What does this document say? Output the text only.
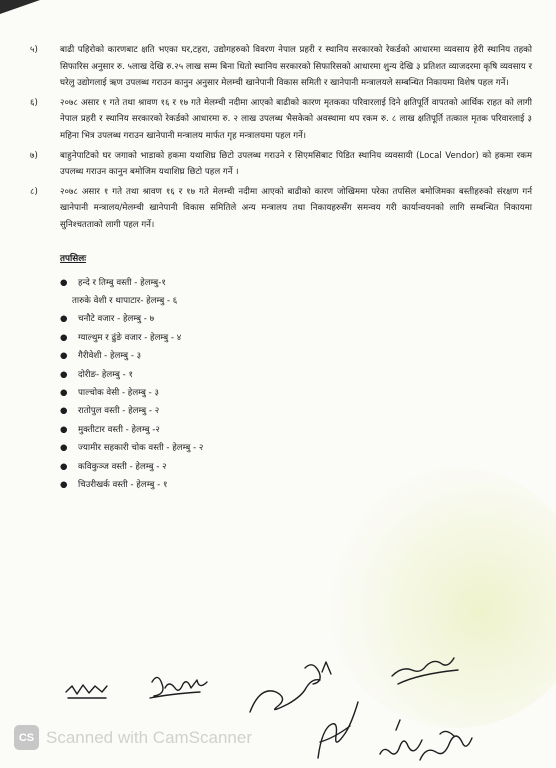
५)	बाढी पहिरोको कारणबाट क्षति भएका घर,टहरा, उद्योगहरुको विवरण नेपाल प्रहरी र स्थानिय सरकारको रेकर्डको आधारमा व्यवसाय हेरी स्थानिय तहको सिफारिस अनुसार रु. ५लाख देखि रु.२५ लाख सम्म बिना धितो स्थानिय सरकारको सिफारिसको आधारमा शुन्य देखि ३ प्रतिशत व्याजदरमा कृषि व्यवसाय र घरेलु उद्योगलाई ऋण उपलब्ध गराउन कानुन अनुसार मेलम्ची खानेपानी विकास समिती र खानेपानी मन्त्रालयले सम्बन्धित निकायमा विशेष पहल गर्ने।
६)	२०७८ असार १ गते तथा श्रावण १६ र १७ गते मेलम्ची नदीमा आएको बाढीको कारण मृतकका परिवारलाई दिने क्षतिपूर्ति वापतको आर्थिक राहत को लागी नेपाल प्रहरी र स्थानिय सरकारको रेकर्डको आधारमा रु. २ लाख उपलब्ध भैसकेको अवस्थामा थप रकम रु. ८ लाख क्षतिपूर्ति तत्काल मृतक परिवारलाई ३ महिना भित्र उपलब्ध गराउन खानेपानी मन्त्रालय मार्फत गृह मन्त्रालयमा पहल गर्ने।
७)	बाहुनेपाटिको घर जगाको भाडाको हकमा यथाशिघ्र छिटो उपलब्ध गराउने र सिएमसिबाट पिडित स्थानिय व्यवसायी (Local Vendor) को हकमा रकम उपलब्ध गराउन कानुन बमोजिम यथाशिघ्र छिटो पहल गर्ने ।
८)	२०७८ असार १ गते तथा श्रावण १६ र १७ गते मेलम्ची नदीमा आएको बाढीको कारण जोखिममा परेका तपसिल बमोजिमका बस्तीहरुको संरक्षण गर्न खानेपानी मन्त्रालय/मेलम्ची खानेपानी विकास समितिले अन्य मन्त्रालय तथा निकायहरुसँग समन्वय गरी कार्यान्वयनको लागि सम्बन्धित निकायमा सुनिश्चतताको लागी पहल गर्ने।
तपसिलः
● हन्दे र तिम्बु वस्ती - हेलम्बु-१
तारुके वेशी र थापाटार- हेलम्बु - ६
● चनौटे वजार - हेलम्बु - ७
● ग्याल्थुम र ढुंङे वजार - हेलम्बु - ४
● गैरीवेशी - हेलम्बु - ३
● दोरीङ- हेलम्बु - १
● पाल्चोक वेसी - हेलम्बु - ३
● रातोपुल वस्ती - हेलम्बु - २
● मुक्तीटार वस्ती - हेलम्बु -२
● ज्यामीर सहकारी चोक वस्ती - हेलम्बु - २
● कविकुञ्ज वस्ती - हेलम्बु - २
● चिउरीखर्क वस्ती - हेलम्बु - १
CS Scanned with CamScanner
